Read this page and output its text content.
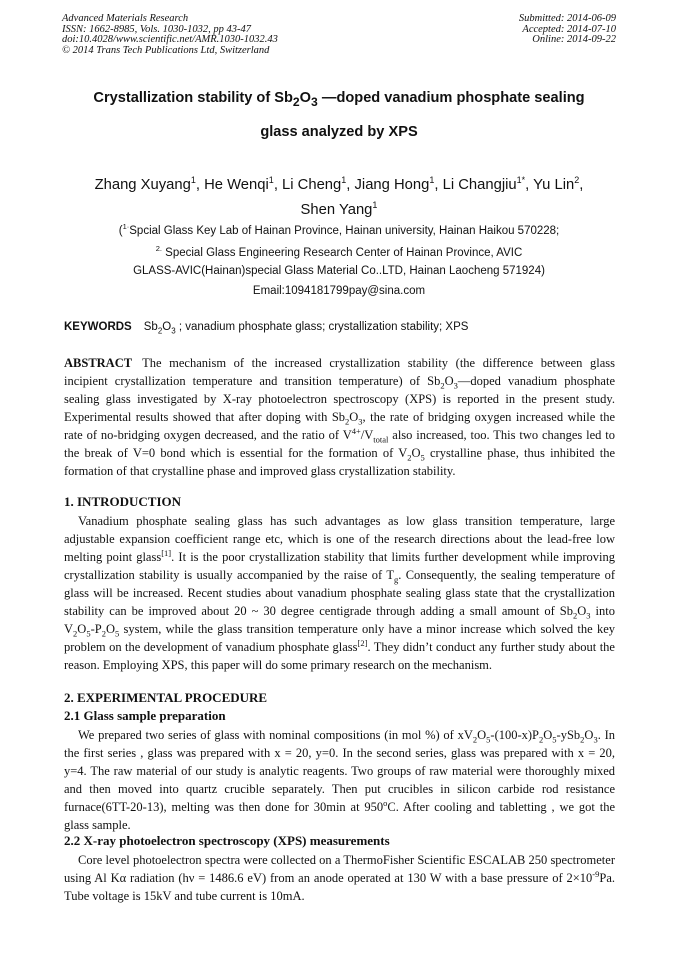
Advanced Materials Research
ISSN: 1662-8985, Vols. 1030-1032, pp 43-47
doi:10.4028/www.scientific.net/AMR.1030-1032.43
© 2014 Trans Tech Publications Ltd, Switzerland
Submitted: 2014-06-09
Accepted: 2014-07-10
Online: 2014-09-22
Crystallization stability of $Sb_2O_3$ —doped vanadium phosphate sealing
glass analyzed by XPS
Zhang Xuyang$^1$, He Wenqi$^1$, Li Cheng$^1$, Jiang Hong$^1$, Li Changjiu$^{1*}$, Yu Lin$^2$,
Shen Yang$^1$
($^{1\cdot}$Spcial Glass Key Lab of Hainan Province, Hainan university, Hainan Haikou 570228;
$^{2.}$ Special Glass Engineering Research Center of Hainan Province, AVIC
GLASS-AVIC(Hainan)special Glass Material Co..LTD, Hainan Laocheng 571924)
Email:1094181799pay@sina.com
KEYWORDS $Sb_2O_3$ ; vanadium phosphate glass; crystallization stability; XPS
ABSTRACT The mechanism of the increased crystallization stability (the difference between glass incipient crystallization temperature and transition temperature) of $Sb_2O_3—doped$ vanadium phosphate sealing glass investigated by X-ray photoelectron spectroscopy (XPS) is reported in the present study. Experimental results showed that after doping with $Sb_2O_3$, the rate of bridging oxygen increased while the rate of no-bridging oxygen decreased, and the ratio of $V^{4+}/V_{total}$ also increased, too. This two changes led to the break of V=0 bond which is essential for the formation of $V_2O_5$ crystalline phase, thus inhibited the formation of that crystalline phase and improved glass crystallization stability.
1. INTRODUCTION
Vanadium phosphate sealing glass has such advantages as low glass transition temperature, large adjustable expansion coefficient range etc, which is one of the research directions about the lead-free low melting point glass[1]. It is the poor crystallization stability that limits further development while improving crystallization stability is usually accompanied by the raise of $T_g$. Consequently, the sealing temperature of glass will be increased. Recent studies about vanadium phosphate sealing glass state that the crystallization stability can be improved about 20 ~ 30 degree centigrade through adding a small amount of $Sb_2O_3$ into $V_2O_5-P_2O_5$ system, while the glass transition temperature only have a minor increase which solved the key problem on the development of vanadium phosphate glass[2]. They didn’t conduct any further study about the reason. Employing XPS, this paper will do some primary research on the mechanism.
2. EXPERIMENTAL PROCEDURE
2.1 Glass sample preparation
We prepared two series of glass with nominal compositions (in mol %) of $xV_2O_5-(100-x)P_2O_5-ySb_2O_3$. In the first series , glass was prepared with x = 20, y=0. In the second series, glass was prepared with x = 20, y=4. The raw material of our study is analytic reagents. Two groups of raw material were thoroughly mixed and then moved into quartz crucible separately. Then put crucibles in silicon carbide rod resistance furnace(6TT-20-13), melting was then done for 30min at 950$^o$C. After cooling and tabletting , we got the glass sample.
2.2 X-ray photoelectron spectroscopy (XPS) measurements
Core level photoelectron spectra were collected on a ThermoFisher Scientific ESCALAB 250 spectrometer using Al Kα radiation (hν = 1486.6 eV) from an anode operated at 130 W with a base pressure of $2\times 10^{-9}Pa$. Tube voltage is 15kV and tube current is 10mA.
